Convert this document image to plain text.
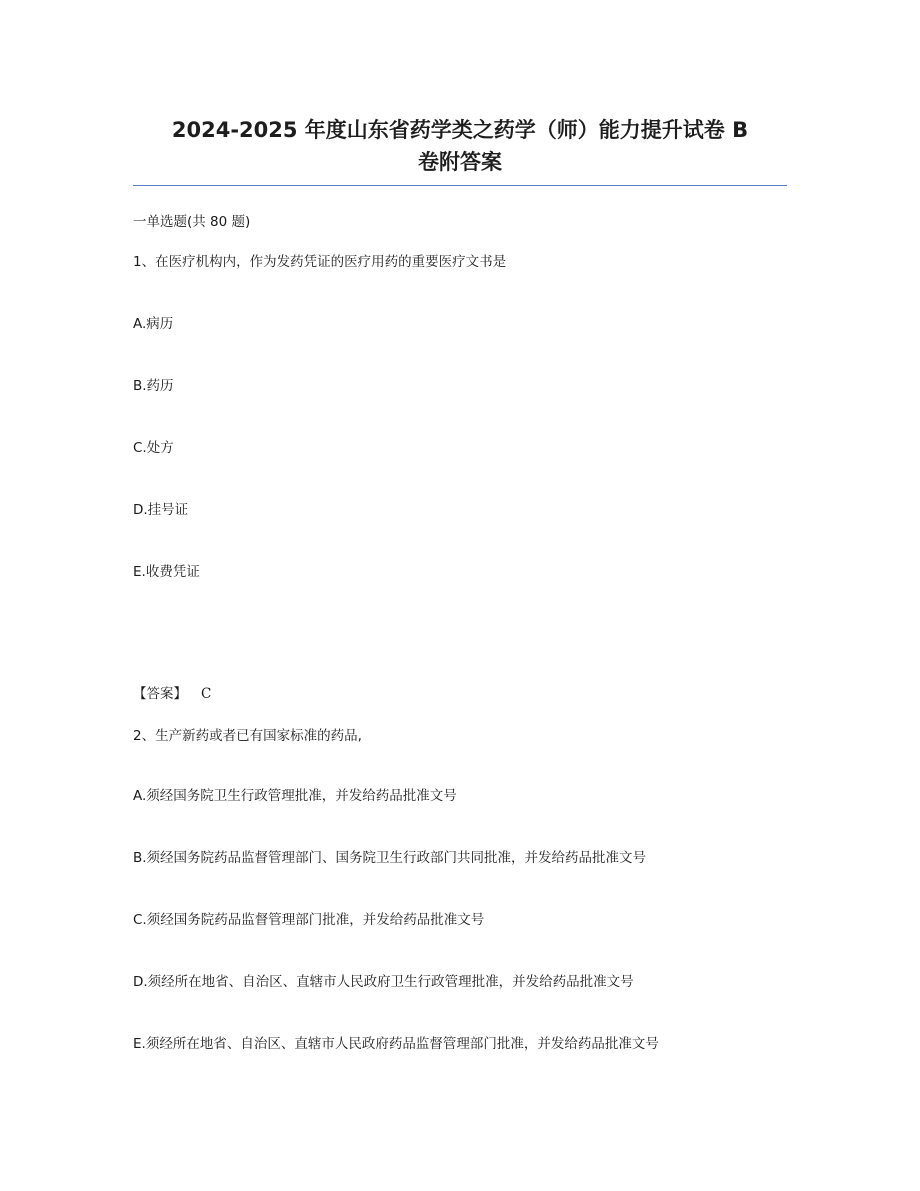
2024-2025 年度山东省药学类之药学（师）能力提升试卷 B
卷附答案
一单选题(共 80 题)
1、在医疗机构内，作为发药凭证的医疗用药的重要医疗文书是
A.病历
B.药历
C.处方
D.挂号证
E.收费凭证
【答案】 C
2、生产新药或者已有国家标准的药品,
A.须经国务院卫生行政管理批准，并发给药品批准文号
B.须经国务院药品监督管理部门、国务院卫生行政部门共同批准，并发给药品批准文号
C.须经国务院药品监督管理部门批准，并发给药品批准文号
D.须经所在地省、自治区、直辖市人民政府卫生行政管理批准，并发给药品批准文号
E.须经所在地省、自治区、直辖市人民政府药品监督管理部门批准，并发给药品批准文号
